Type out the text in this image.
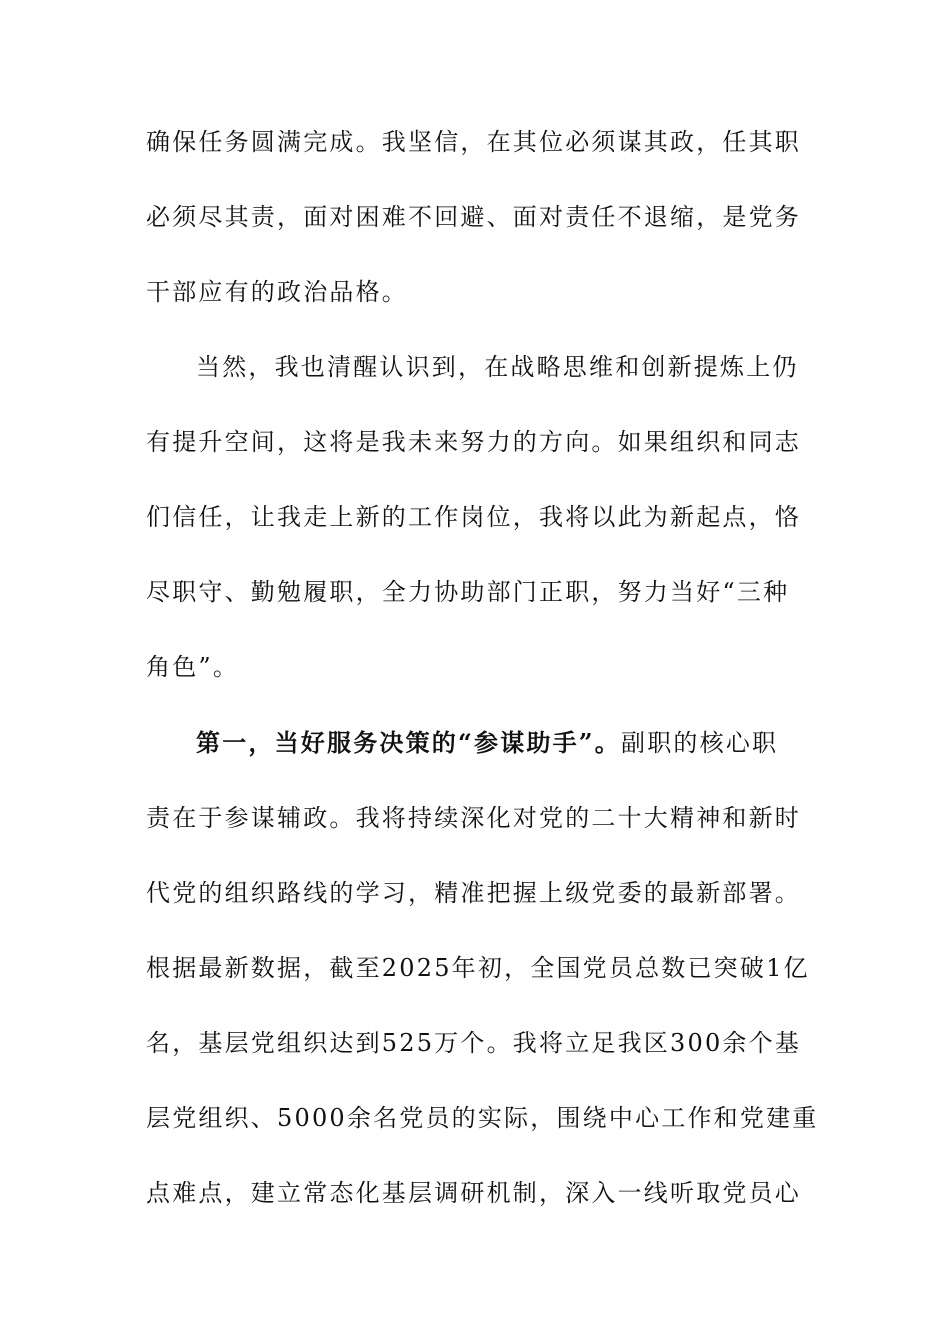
确保任务圆满完成。我坚信，在其位必须谋其政，任其职
必须尽其责，面对困难不回避、面对责任不退缩，是党务
干部应有的政治品格。
当然，我也清醒认识到，在战略思维和创新提炼上仍
有提升空间，这将是我未来努力的方向。如果组织和同志
们信任，让我走上新的工作岗位，我将以此为新起点，恪
尽职守、勤勉履职，全力协助部门正职，努力当好“三种
角色”。
第一，当好服务决策的“参谋助手”。副职的核心职
责在于参谋辅政。我将持续深化对党的二十大精神和新时
代党的组织路线的学习，精准把握上级党委的最新部署。
根据最新数据，截至2025年初，全国党员总数已突破1亿
名，基层党组织达到525万个。我将立足我区300余个基
层党组织、5000余名党员的实际，围绕中心工作和党建重
点难点，建立常态化基层调研机制，深入一线听取党员心
